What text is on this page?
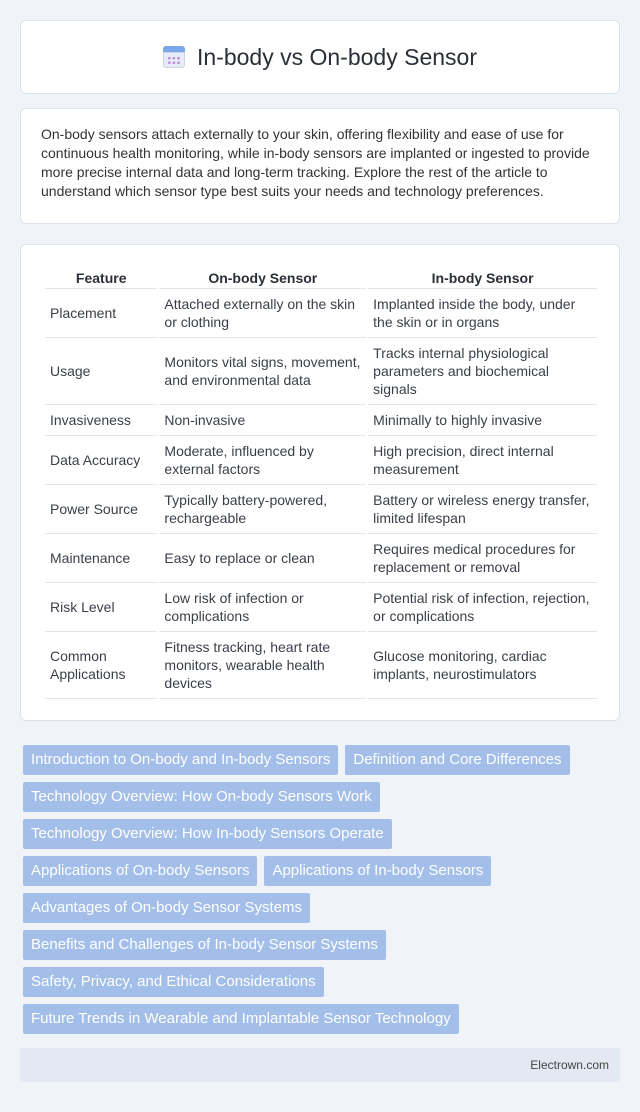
In-body vs On-body Sensor

On-body sensors attach externally to your skin, offering flexibility and ease of use for continuous health monitoring, while in-body sensors are implanted or ingested to provide more precise internal data and long-term tracking. Explore the rest of the article to understand which sensor type best suits your needs and technology preferences.

Feature	On-body Sensor	In-body Sensor
Placement	Attached externally on the skin or clothing	Implanted inside the body, under the skin or in organs
Usage	Monitors vital signs, movement, and environmental data	Tracks internal physiological parameters and biochemical signals
Invasiveness	Non-invasive	Minimally to highly invasive
Data Accuracy	Moderate, influenced by external factors	High precision, direct internal measurement
Power Source	Typically battery-powered, rechargeable	Battery or wireless energy transfer, limited lifespan
Maintenance	Easy to replace or clean	Requires medical procedures for replacement or removal
Risk Level	Low risk of infection or complications	Potential risk of infection, rejection, or complications
Common Applications	Fitness tracking, heart rate monitors, wearable health devices	Glucose monitoring, cardiac implants, neurostimulators
Introduction to On-body and In-body Sensors	Definition and Core Differences
Technology Overview: How On-body Sensors Work
Technology Overview: How In-body Sensors Operate
Applications of On-body Sensors	Applications of In-body Sensors
Advantages of On-body Sensor Systems
Benefits and Challenges of In-body Sensor Systems
Safety, Privacy, and Ethical Considerations
Future Trends in Wearable and Implantable Sensor Technology
Electrown.com
